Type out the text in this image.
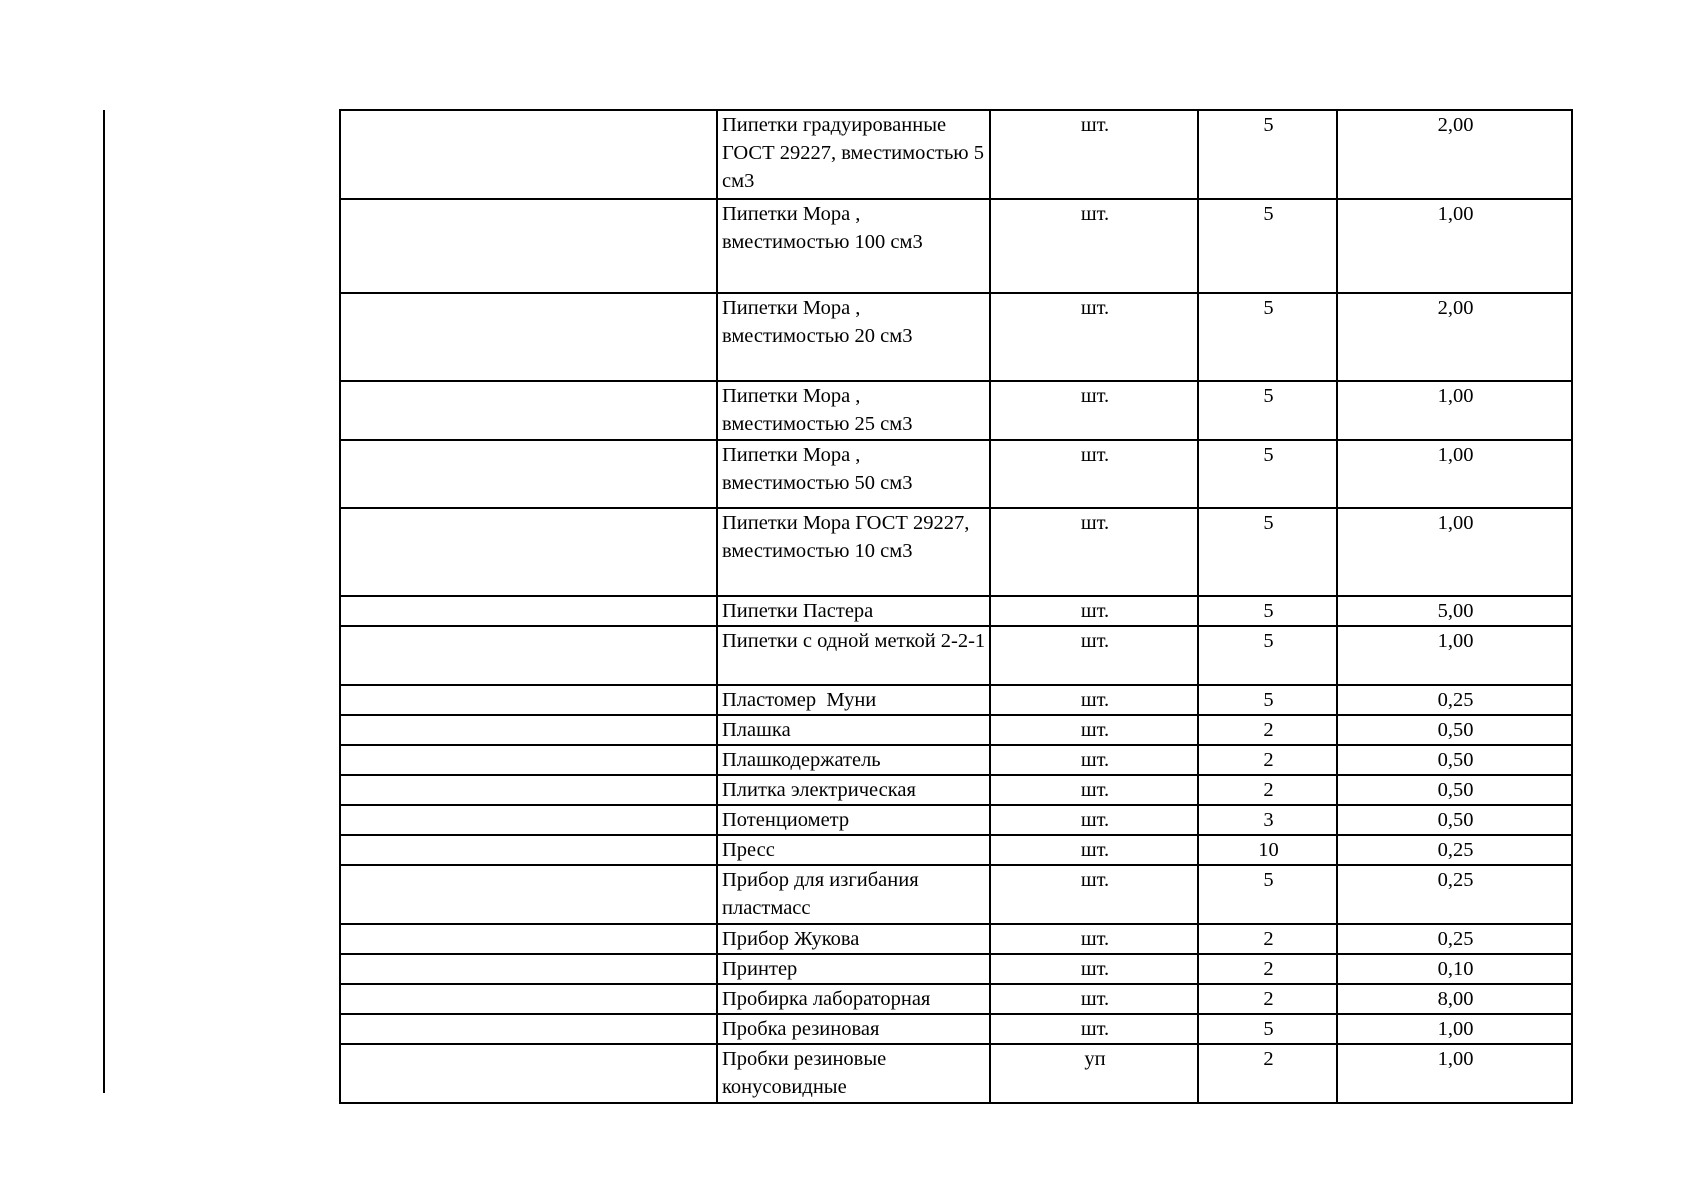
	Пипетки градуированные ГОСТ 29227, вместимостью 5 см3	шт.	5	2,00
	Пипетки Мора , вместимостью 100 см3	шт.	5	1,00
	Пипетки Мора , вместимостью 20 см3	шт.	5	2,00
	Пипетки Мора , вместимостью 25 см3	шт.	5	1,00
	Пипетки Мора , вместимостью 50 см3	шт.	5	1,00
	Пипетки Мора ГОСТ 29227, вместимостью 10 см3	шт.	5	1,00
	Пипетки Пастера	шт.	5	5,00
	Пипетки с одной меткой 2-2-1	шт.	5	1,00
	Пластомер  Муни	шт.	5	0,25
	Плашка	шт.	2	0,50
	Плашкодержатель	шт.	2	0,50
	Плитка электрическая	шт.	2	0,50
	Потенциометр	шт.	3	0,50
	Пресс	шт.	10	0,25
	Прибор для изгибания пластмасс	шт.	5	0,25
	Прибор Жукова	шт.	2	0,25
	Принтер	шт.	2	0,10
	Пробирка лабораторная	шт.	2	8,00
	Пробка резиновая	шт.	5	1,00
	Пробки резиновые конусовидные	уп	2	1,00
